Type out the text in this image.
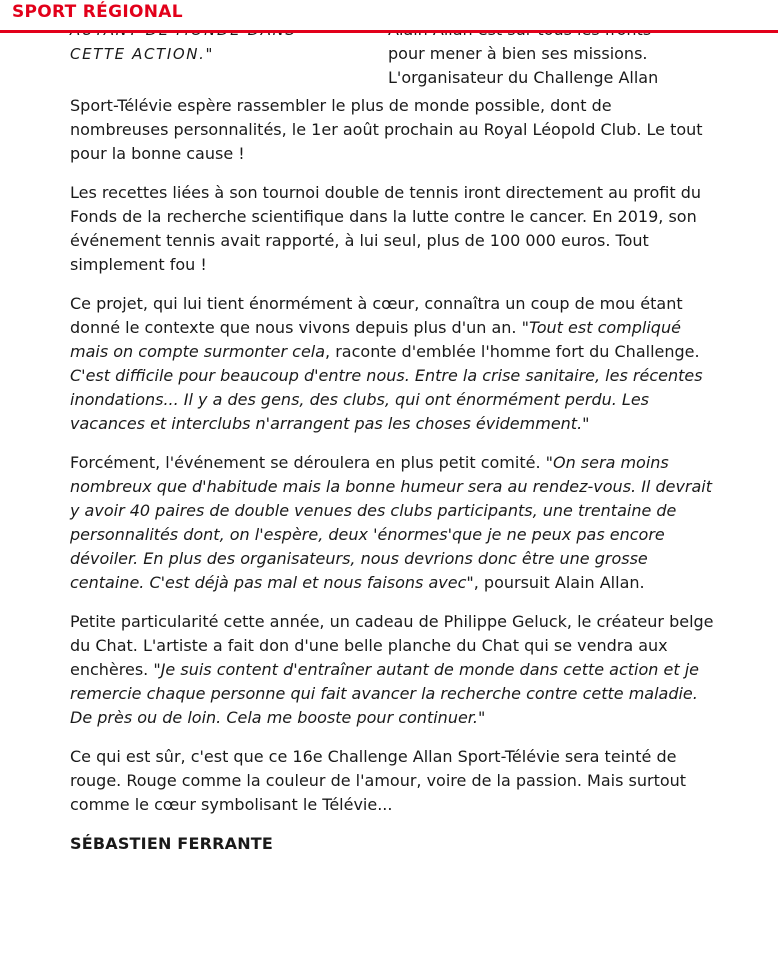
SPORT RÉGIONAL
CETTE ACTION."	pour mener à bien ses missions.
L'organisateur du Challenge Allan

Sport-Télévie espère rassembler le plus de monde possible, dont de nombreuses personnalités, le 1er août prochain au Royal Léopold Club. Le tout pour la bonne cause !

Les recettes liées à son tournoi double de tennis iront directement au profit du Fonds de la recherche scientifique dans la lutte contre le cancer. En 2019, son événement tennis avait rapporté, à lui seul, plus de 100 000 euros. Tout simplement fou !

Ce projet, qui lui tient énormément à cœur, connaîtra un coup de mou étant donné le contexte que nous vivons depuis plus d'un an. "Tout est compliqué mais on compte surmonter cela, raconte d'emblée l'homme fort du Challenge. C'est difficile pour beaucoup d'entre nous. Entre la crise sanitaire, les récentes inondations... Il y a des gens, des clubs, qui ont énormément perdu. Les vacances et interclubs n'arrangent pas les choses évidemment."

Forcément, l'événement se déroulera en plus petit comité. "On sera moins nombreux que d'habitude mais la bonne humeur sera au rendez-vous. Il devrait y avoir 40 paires de double venues des clubs participants, une trentaine de personnalités dont, on l'espère, deux 'énormes'que je ne peux pas encore dévoiler. En plus des organisateurs, nous devrions donc être une grosse centaine. C'est déjà pas mal et nous faisons avec", poursuit Alain Allan.

Petite particularité cette année, un cadeau de Philippe Geluck, le créateur belge du Chat. L'artiste a fait don d'une belle planche du Chat qui se vendra aux enchères. "Je suis content d'entraîner autant de monde dans cette action et je remercie chaque personne qui fait avancer la recherche contre cette maladie. De près ou de loin. Cela me booste pour continuer."

Ce qui est sûr, c'est que ce 16e Challenge Allan Sport-Télévie sera teinté de rouge. Rouge comme la couleur de l'amour, voire de la passion. Mais surtout comme le cœur symbolisant le Télévie...

SÉBASTIEN FERRANTE
